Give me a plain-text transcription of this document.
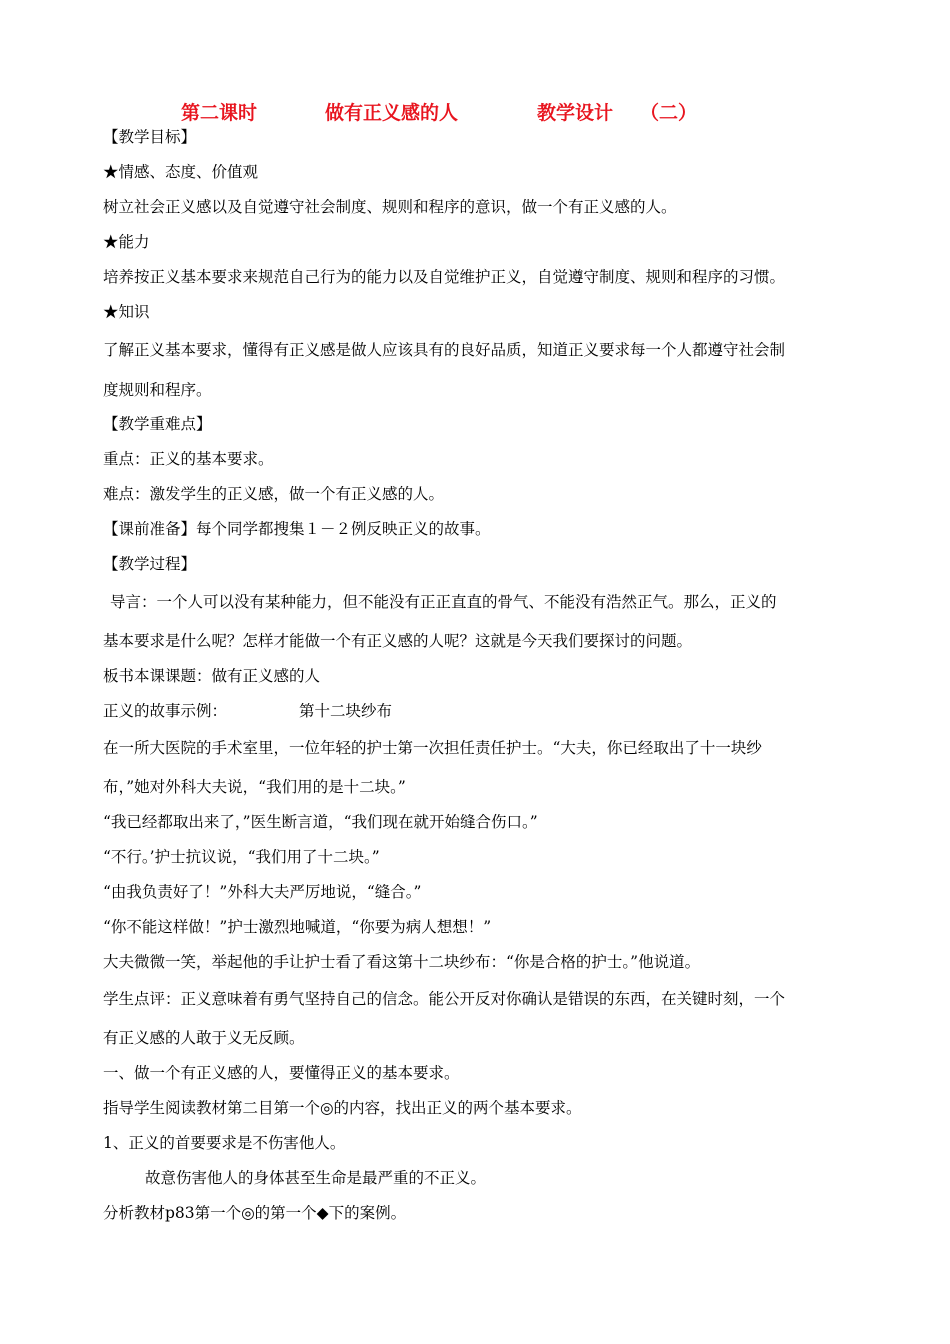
第二课时	做有正义感的人	教学设计 （二）
【教学目标】
★情感、态度、价值观
树立社会正义感以及自觉遵守社会制度、规则和程序的意识，做一个有正义感的人。
★能力
培养按正义基本要求来规范自己行为的能力以及自觉维护正义，自觉遵守制度、规则和程序的习惯。
★知识
了解正义基本要求，懂得有正义感是做人应该具有的良好品质，知道正义要求每一个人都遵守社会制
度规则和程序。
【教学重难点】
重点：正义的基本要求。
难点：激发学生的正义感，做一个有正义感的人。
【课前准备】每个同学都搜集１－２例反映正义的故事。
【教学过程】
导言：一个人可以没有某种能力，但不能没有正正直直的骨气、不能没有浩然正气。那么，正义的
基本要求是什么呢？怎样才能做一个有正义感的人呢？这就是今天我们要探讨的问题。
板书本课课题：做有正义感的人
正义的故事示例：	第十二块纱布
在一所大医院的手术室里，一位年轻的护士第一次担任责任护士。“大夫，你已经取出了十一块纱
布，”她对外科大夫说，“我们用的是十二块。”
“我已经都取出来了，”医生断言道，“我们现在就开始缝合伤口。”
“不行。’护士抗议说，“我们用了十二块。”
“由我负责好了！”外科大夫严厉地说，“缝合。”
“你不能这样做！”护士激烈地喊道，“你要为病人想想！”
大夫微微一笑，举起他的手让护士看了看这第十二块纱布：“你是合格的护士。”他说道。
学生点评：正义意味着有勇气坚持自己的信念。能公开反对你确认是错误的东西，在关键时刻，一个
有正义感的人敢于义无反顾。
一、做一个有正义感的人，要懂得正义的基本要求。
指导学生阅读教材第二目第一个◎的内容，找出正义的两个基本要求。
1、正义的首要要求是不伤害他人。
故意伤害他人的身体甚至生命是最严重的不正义。
分析教材p83第一个◎的第一个◆下的案例。
